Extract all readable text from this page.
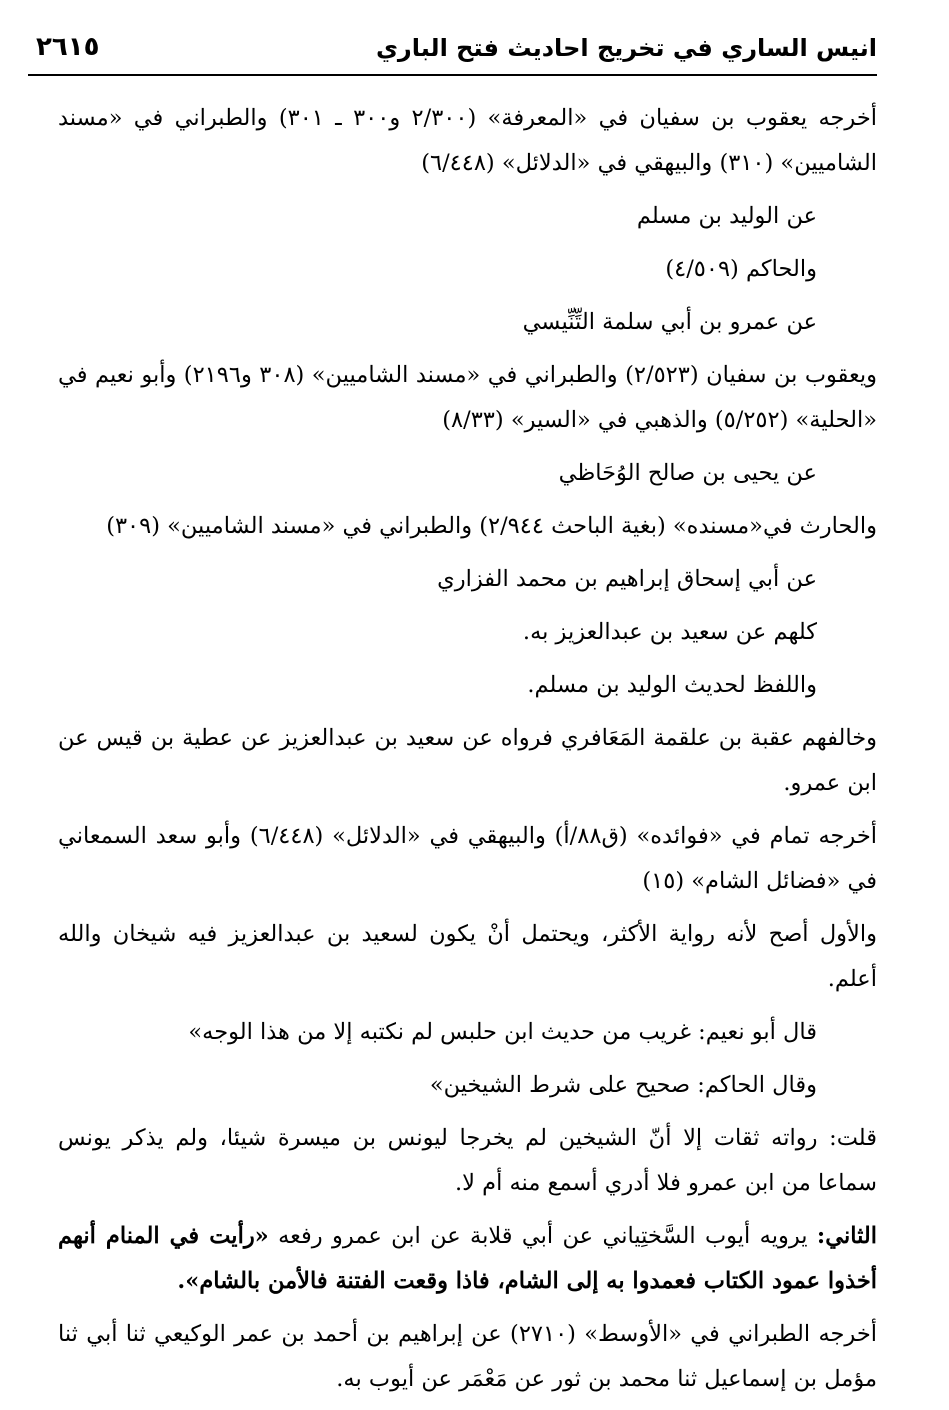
انيس الساري في تخريج احاديث فتح الباري
٢٦١٥

أخرجه يعقوب بن سفيان في «المعرفة» (٢/٣٠٠ و٣٠٠ ـ ٣٠١) والطبراني في «مسند الشاميين» (٣١٠) والبيهقي في «الدلائل» (٦/٤٤٨)

عن الوليد بن مسلم

والحاكم (٤/٥٠٩)

عن عمرو بن أبي سلمة التِّنِّيسي

ويعقوب بن سفيان (٢/٥٢٣) والطبراني في «مسند الشاميين» (٣٠٨ و٢١٩٦) وأبو نعيم في «الحلية» (٥/٢٥٢) والذهبي في «السير» (٨/٣٣)

عن يحيى بن صالح الوُحَاظي

والحارث في«مسنده» (بغية الباحث ٢/٩٤٤) والطبراني في «مسند الشاميين» (٣٠٩)

عن أبي إسحاق إبراهيم بن محمد الفزاري

كلهم عن سعيد بن عبدالعزيز به.

واللفظ لحديث الوليد بن مسلم.

وخالفهم عقبة بن علقمة المَعَافري فرواه عن سعيد بن عبدالعزيز عن عطية بن قيس عن ابن عمرو.

أخرجه تمام في «فوائده» (ق٨٨/أ) والبيهقي في «الدلائل» (٦/٤٤٨) وأبو سعد السمعاني في «فضائل الشام» (١٥)

والأول أصح لأنه رواية الأكثر، ويحتمل أنْ يكون لسعيد بن عبدالعزيز فيه شيخان والله أعلم.

قال أبو نعيم: غريب من حديث ابن حلبس لم نكتبه إلا من هذا الوجه»

وقال الحاكم: صحيح على شرط الشيخين»

قلت: رواته ثقات إلا أنّ الشيخين لم يخرجا ليونس بن ميسرة شيئا، ولم يذكر يونس سماعا من ابن عمرو فلا أدري أسمع منه أم لا.

الثاني: يرويه أيوب السَّختِياني عن أبي قلابة عن ابن عمرو رفعه «رأيت في المنام أنهم أخذوا عمود الكتاب فعمدوا به إلى الشام، فاذا وقعت الفتنة فالأمن بالشام».

أخرجه الطبراني في «الأوسط» (٢٧١٠) عن إبراهيم بن أحمد بن عمر الوكيعي ثنا أبي ثنا مؤمل بن إسماعيل ثنا محمد بن ثور عن مَعْمَر عن أيوب به.
